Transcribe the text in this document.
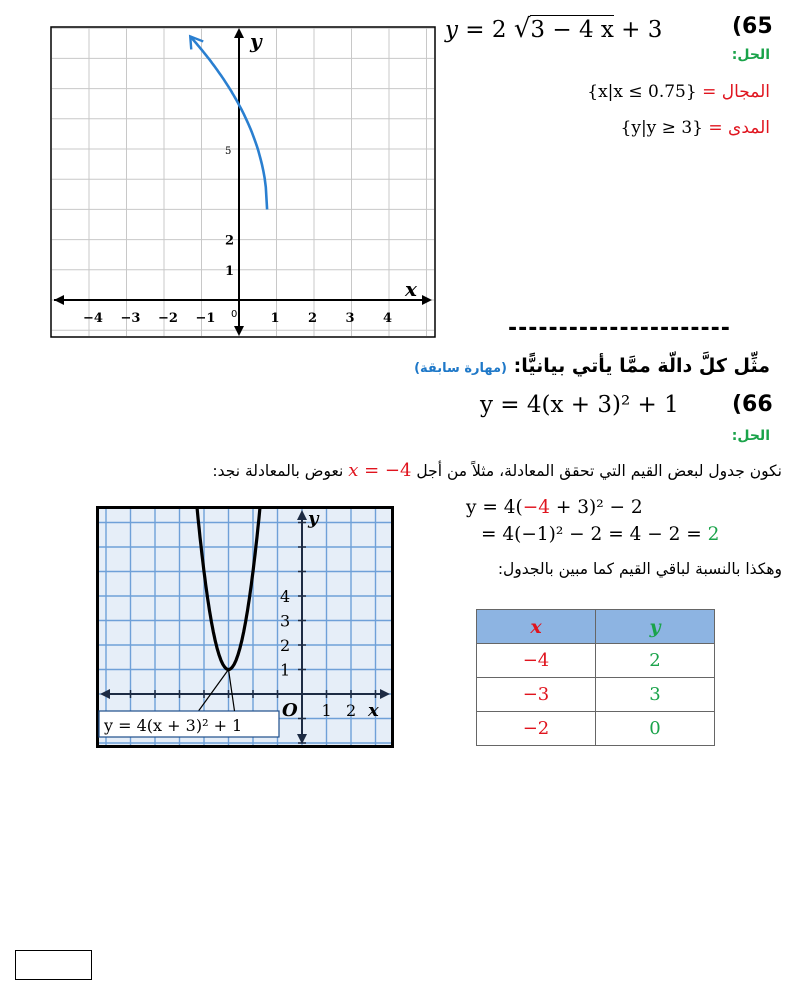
−4 −3 −2 −1	1 2 3 4
1
2
5
y
x
0
y = 2 √3 − 4 x + 3	(65
الحل:
{x|x ≤ 0.75} = المجال
{y|y ≥ 3} = المدى
----------------------
(مهارة سابقة) مثِّل كلَّ دالّة ممَّا يأتي بيانيًّا:
y = 4(x + 3)² + 1 (66
الحل:
نكون جدول لبعض القيم التي تحقق المعادلة، مثلاً من أجل x = −4 نعوض بالمعادلة نجد:
y = 4(−4 + 3)² − 2
= 4(−1)² − 2 = 4 − 2 = 2
وهكذا بالنسبة لباقي القيم كما مبين بالجدول:
x	y
−4	2
−3	3
−2	0
1
2
3
4
1 2
y
x
O
y = 4(x + 3)² + 1
